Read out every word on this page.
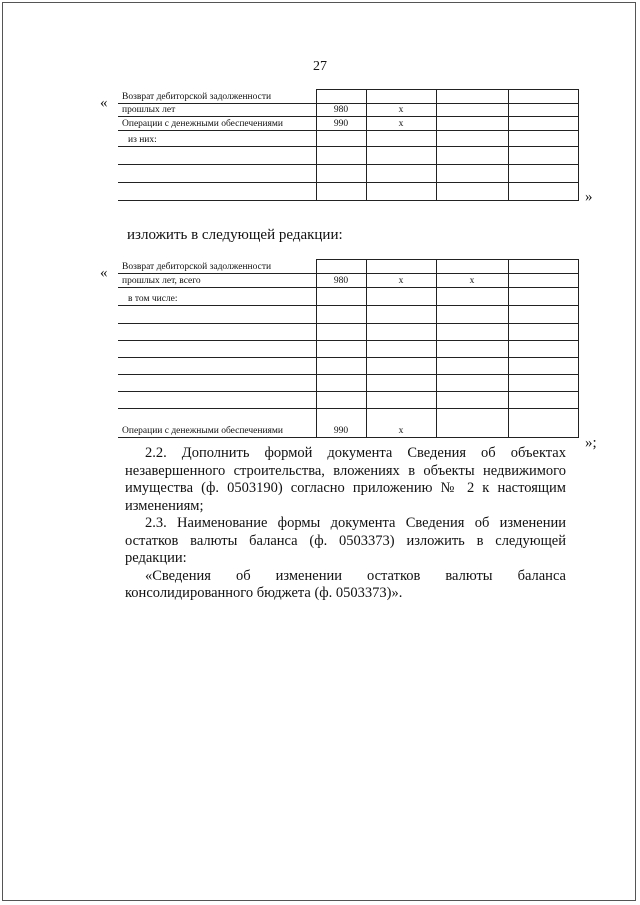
27
« Возврат дебиторской задолженности					
прошлых лет	980	x			
Операции с денежными обеспечениями	990	x			
из них:					

»
изложить в следующей редакции:
« Возврат дебиторской задолженности					
прошлых лет, всего	980	x	x		
в том числе:					

Операции с денежными обеспечениями	990	x			
»;

2.2. Дополнить формой документа Сведения об объектах незавершенного строительства, вложениях в объекты недвижимого имущества (ф. 0503190) согласно приложению № 2 к настоящим изменениям;

2.3. Наименование формы документа Сведения об изменении остатков валюты баланса (ф. 0503373) изложить в следующей редакции:

«Сведения об изменении остатков валюты баланса консолидированного бюджета (ф. 0503373)».
